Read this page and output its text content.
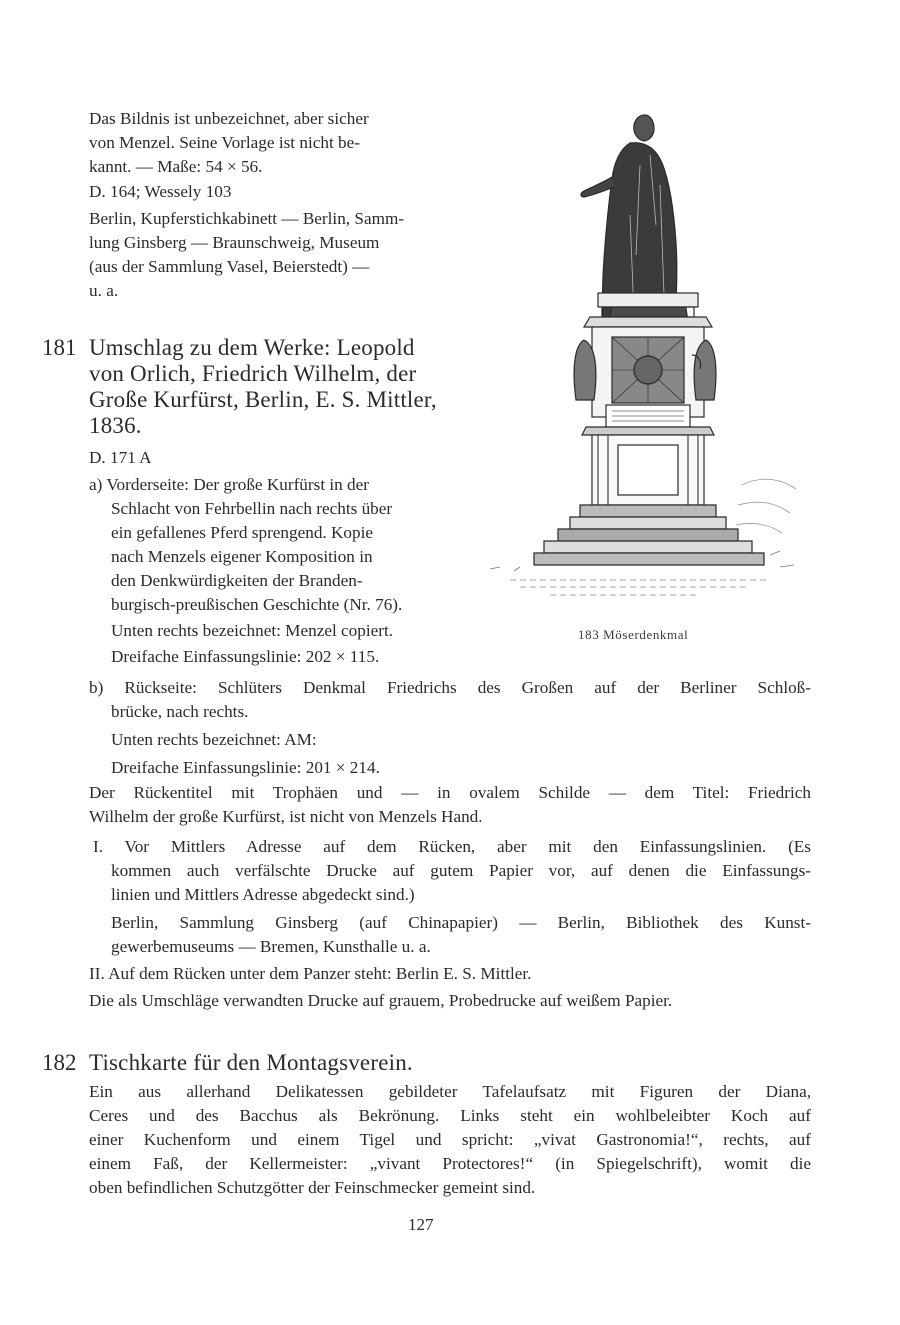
Das Bildnis ist unbezeichnet, aber sicher

von Menzel. Seine Vorlage ist nicht be-

kannt. — Maße: 54 × 56.

D. 164; Wessely 103

Berlin, Kupferstichkabinett — Berlin, Samm-

lung Ginsberg — Braunschweig, Museum

(aus der Sammlung Vasel, Beierstedt) —

u. a.

181 Umschlag zu dem Werke: Leopold
von Orlich, Friedrich Wilhelm, der
Große Kurfürst, Berlin, E. S. Mittler,
1836.

D. 171 A

a) Vorderseite: Der große Kurfürst in der

Schlacht von Fehrbellin nach rechts über

ein gefallenes Pferd sprengend. Kopie

nach Menzels eigener Komposition in

den Denkwürdigkeiten der Branden-

burgisch-preußischen Geschichte (Nr. 76).

Unten rechts bezeichnet: Menzel copiert.

Dreifache Einfassungslinie: 202 × 115.

b) Rückseite: Schlüters Denkmal Friedrichs des Großen auf der Berliner Schloß-

brücke, nach rechts.

Unten rechts bezeichnet: AM:

Dreifache Einfassungslinie: 201 × 214.

Der Rückentitel mit Trophäen und — in ovalem Schilde — dem Titel: Friedrich

Wilhelm der große Kurfürst, ist nicht von Menzels Hand.

I. Vor Mittlers Adresse auf dem Rücken, aber mit den Einfassungslinien. (Es

kommen auch verfälschte Drucke auf gutem Papier vor, auf denen die Einfassungs-

linien und Mittlers Adresse abgedeckt sind.)

Berlin, Sammlung Ginsberg (auf Chinapapier) — Berlin, Bibliothek des Kunst-

gewerbemuseums — Bremen, Kunsthalle u. a.

II. Auf dem Rücken unter dem Panzer steht: Berlin E. S. Mittler.

Die als Umschläge verwandten Drucke auf grauem, Probedrucke auf weißem Papier.

182 Tischkarte für den Montagsverein.

Ein aus allerhand Delikatessen gebildeter Tafelaufsatz mit Figuren der Diana,

Ceres und des Bacchus als Bekrönung. Links steht ein wohlbeleibter Koch auf

einer Kuchenform und einem Tigel und spricht: „vivat Gastronomia!“, rechts, auf

einem Faß, der Kellermeister: „vivant Protectores!“ (in Spiegelschrift), womit die

oben befindlichen Schutzgötter der Feinschmecker gemeint sind.

183 Möserdenkmal
127
